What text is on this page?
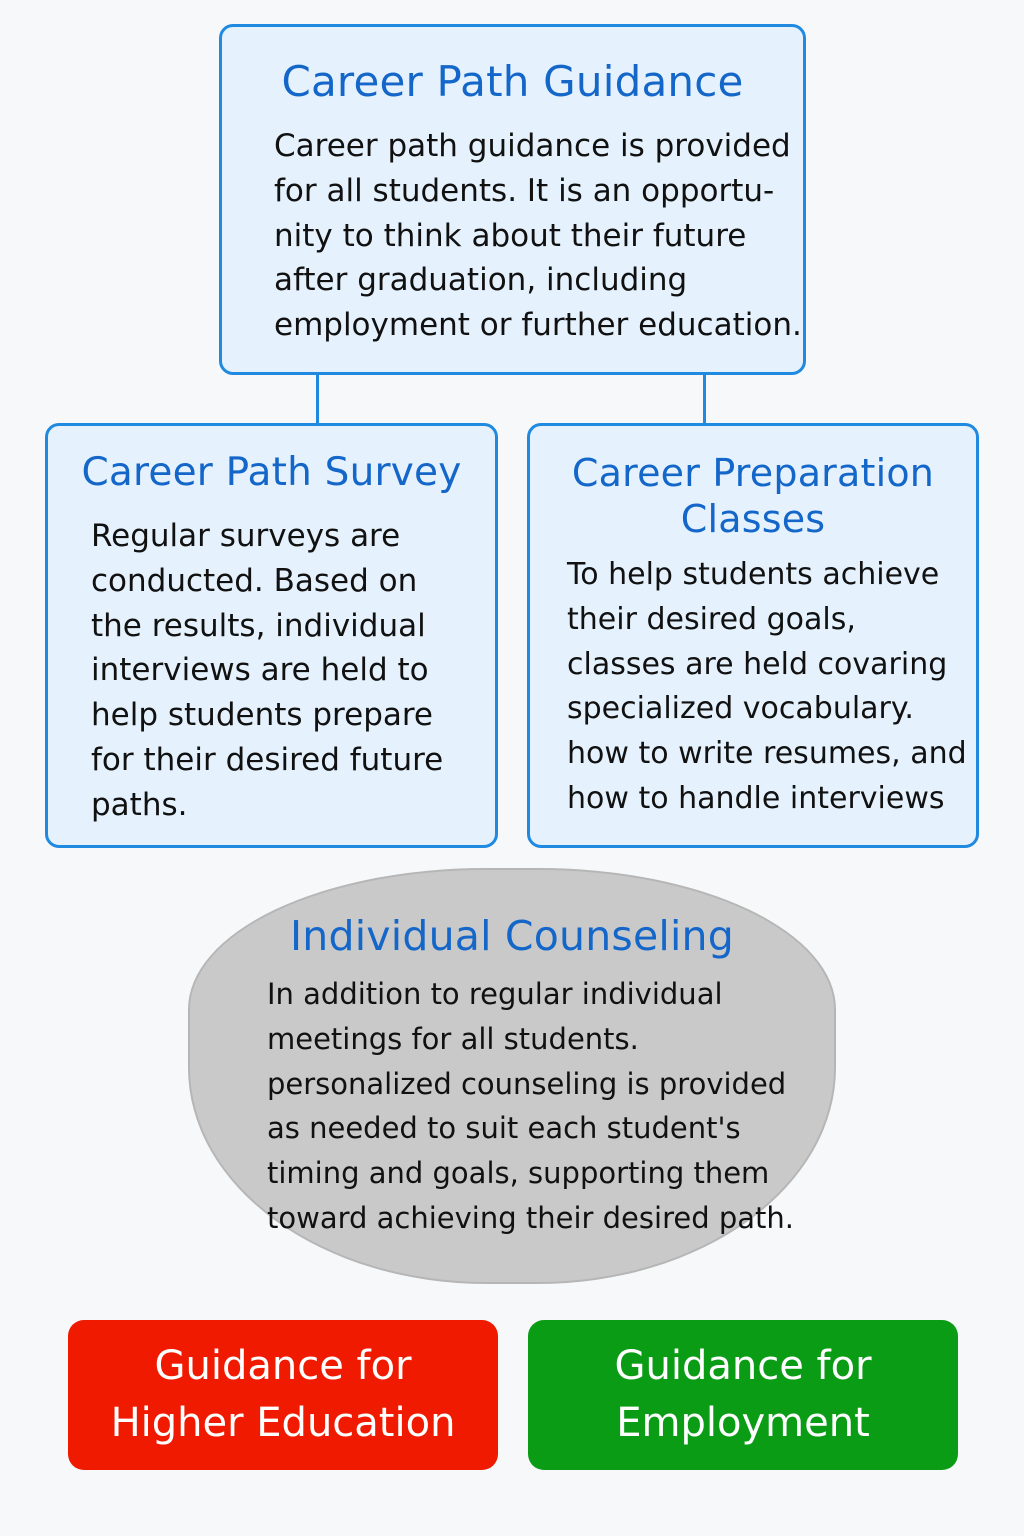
Career Path Guidance

Career path guidance is provided
for all students. It is an opportu-
nity to think about their future
after graduation, including
employment or further education.

Career Path Survey

Regular surveys are
conducted. Based on
the results, individual
interviews are held to
help students prepare
for their desired future
paths.

Career Preparation
Classes

To help students achieve
their desired goals,
classes are held covaring
specialized vocabulary.
how to write resumes, and
how to handle interviews

Individual Counseling

In addition to regular individual
meetings for all students.
personalized counseling is provided
as needed to suit each student's
timing and goals, supporting them
toward achieving their desired path.

Guidance for
Higher Education
Guidance for
Employment
